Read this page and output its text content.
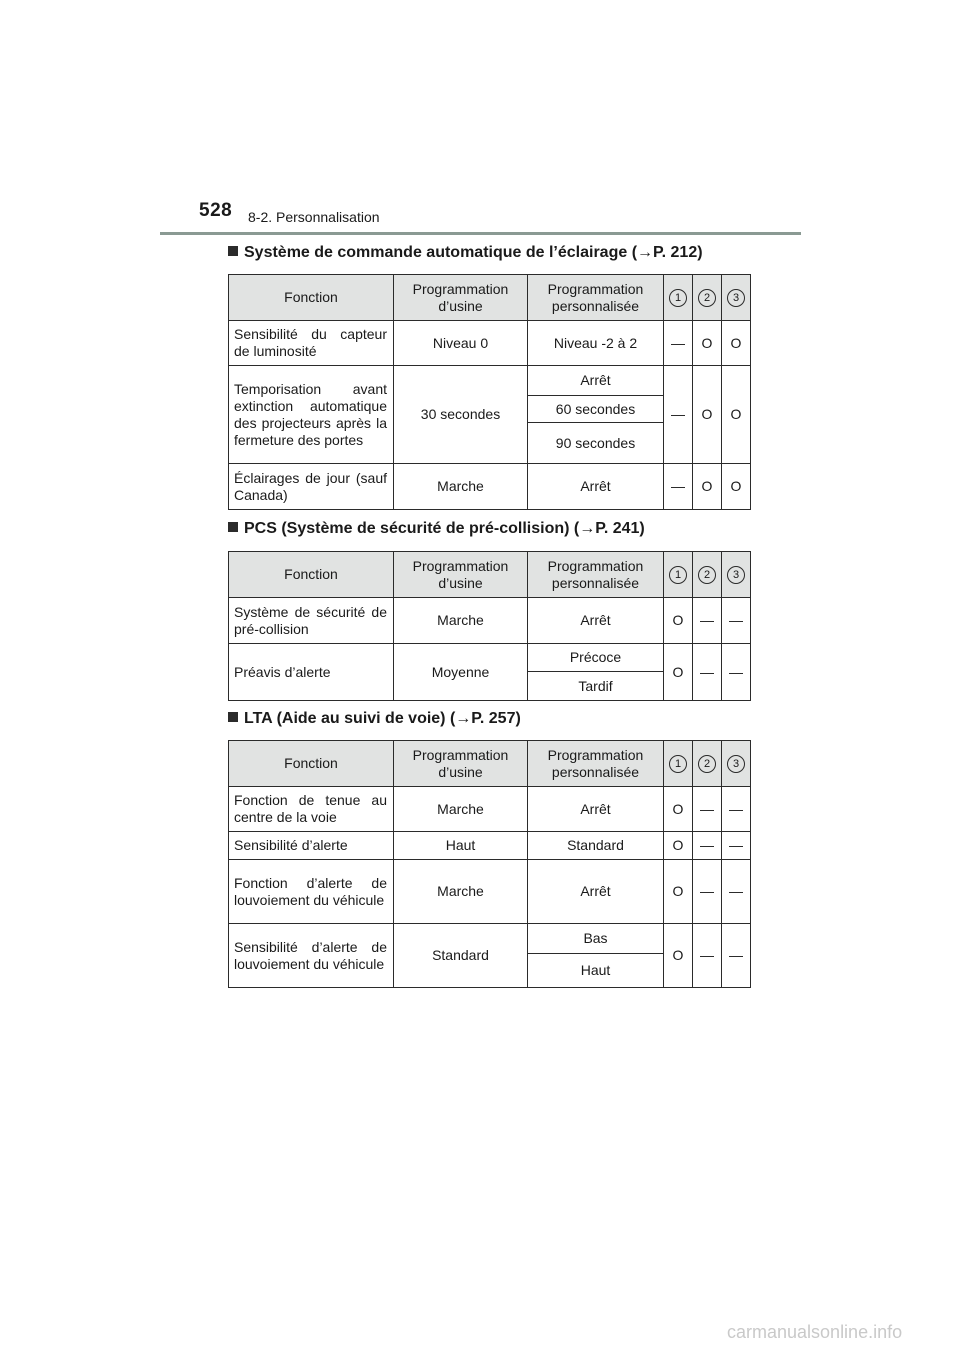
528 8-2. Personnalisation
Système de commande automatique de l’éclairage (→P. 212)
Fonction	Programmation d’usine	Programmation personnalisée	1	2	3
Sensibilité du capteur de luminosité	Niveau 0	Niveau -2 à 2	—	O	O
Temporisation avant extinction automatique des projecteurs après la fermeture des portes	30 secondes	Arrêt	—	O	O
		60 secondes			
		90 secondes			
Éclairages de jour (sauf Canada)	Marche	Arrêt	—	O	O
PCS (Système de sécurité de pré-collision) (→P. 241)
Fonction	Programmation d’usine	Programmation personnalisée	1	2	3
Système de sécurité de pré-collision	Marche	Arrêt	O	—	—
Préavis d’alerte	Moyenne	Précoce	O	—	—
		Tardif			
LTA (Aide au suivi de voie) (→P. 257)
Fonction	Programmation d’usine	Programmation personnalisée	1	2	3
Fonction de tenue au centre de la voie	Marche	Arrêt	O	—	—
Sensibilité d’alerte	Haut	Standard	O	—	—
Fonction d’alerte de louvoiement du véhicule	Marche	Arrêt	O	—	—
Sensibilité d’alerte de louvoiement du véhicule	Standard	Bas	O	—	—
		Haut			
carmanualsonline.info
